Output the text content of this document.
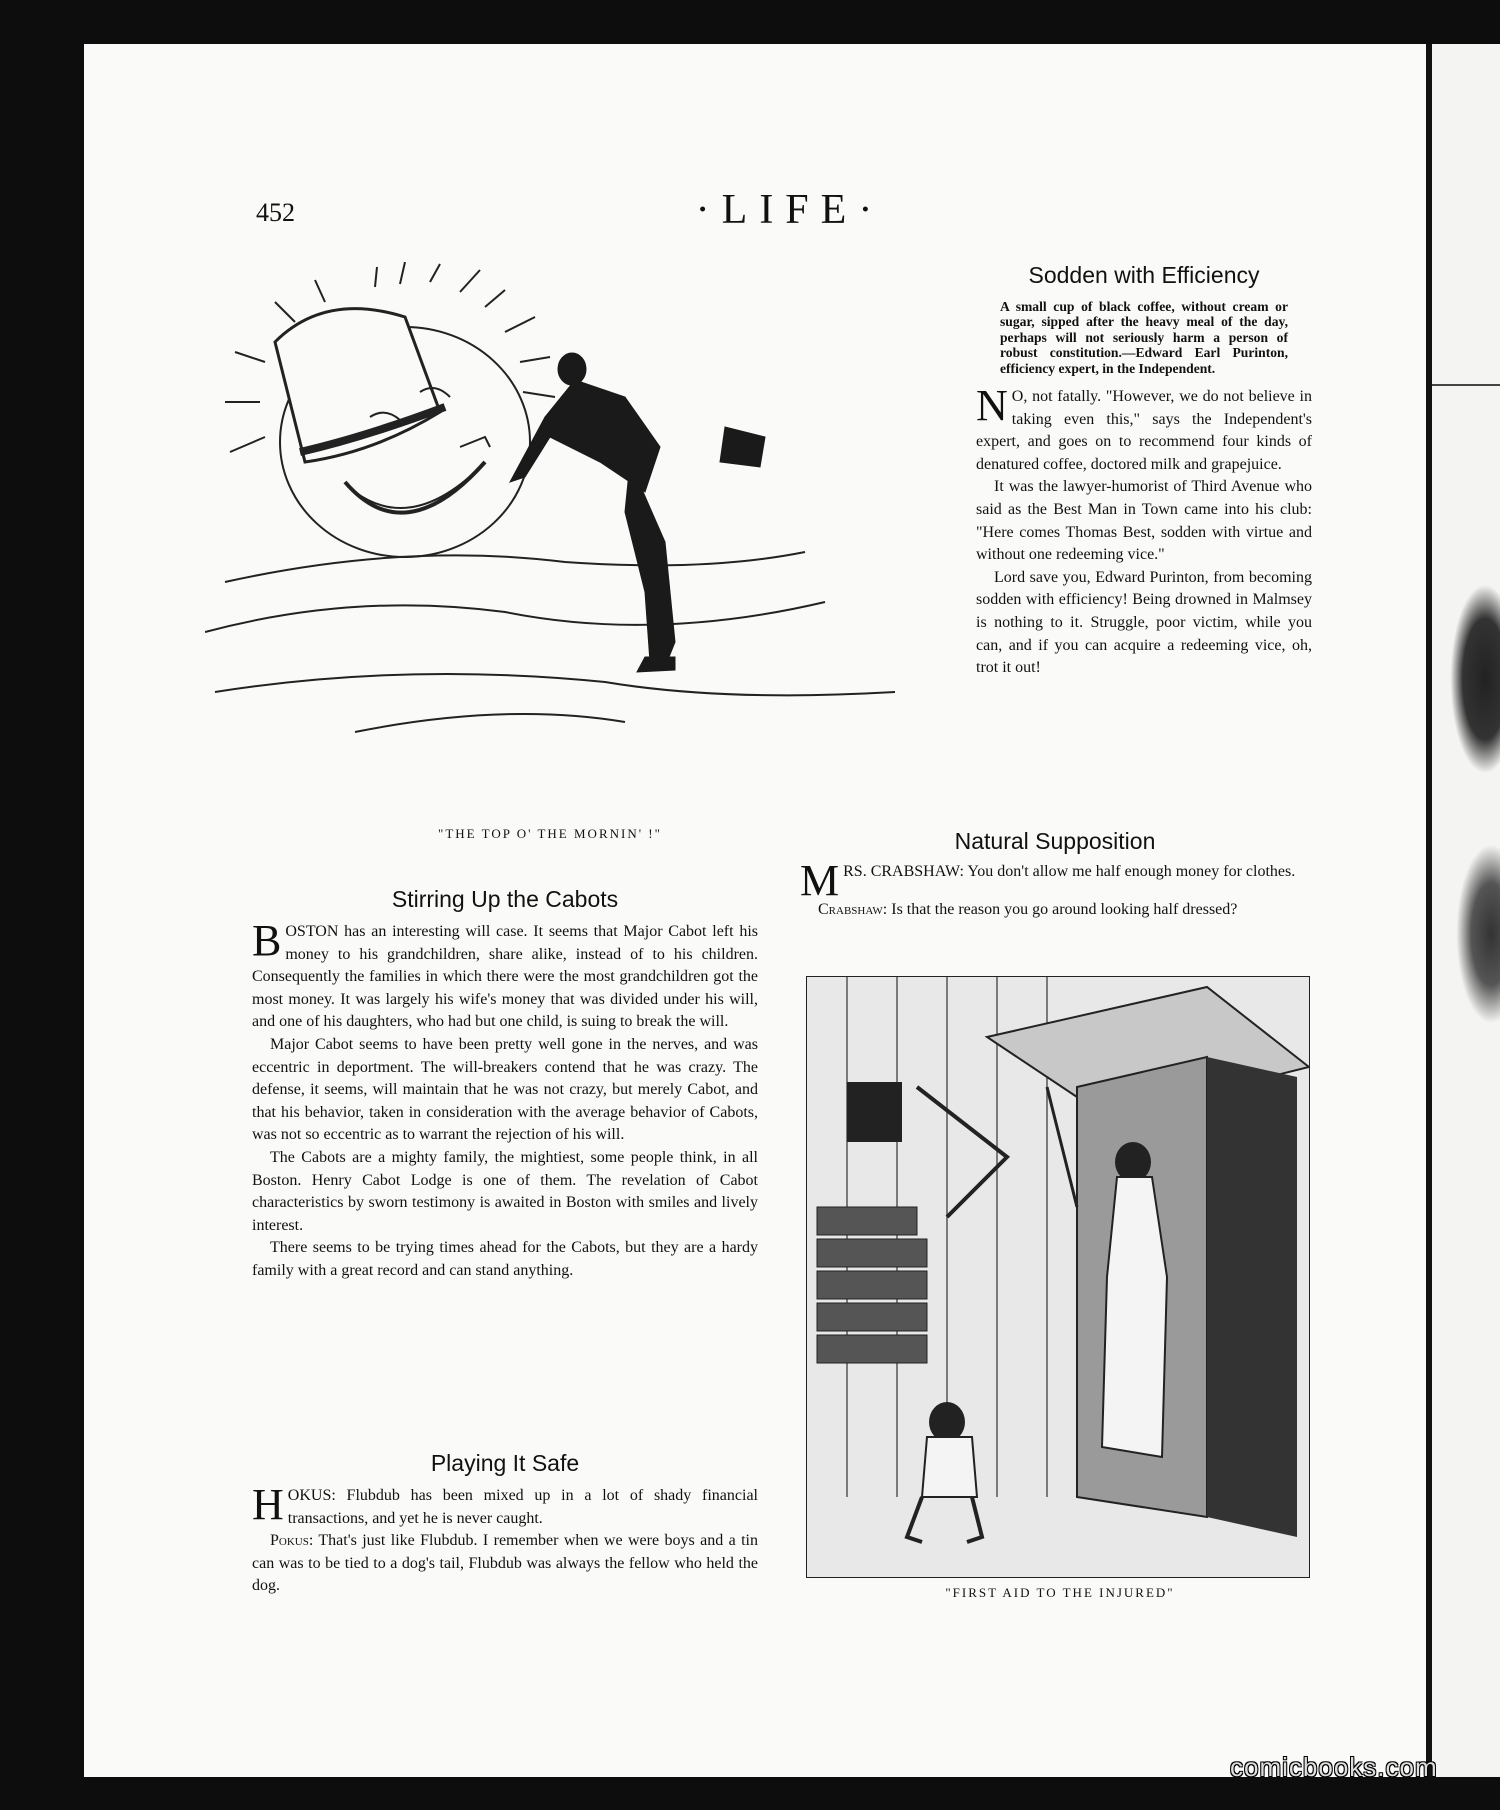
452	·LIFE·
"THE TOP O' THE MORNIN' !"
Sodden with Efficiency
A small cup of black coffee, without cream or sugar, sipped after the heavy meal of the day, perhaps will not seriously harm a person of robust constitution.—Edward Earl Purinton, efficiency expert, in the Independent.

N O, not fatally. "However, we do not believe in taking even this," says the Independent's expert, and goes on to recommend four kinds of denatured coffee, doctored milk and grapejuice.

It was the lawyer-humorist of Third Avenue who said as the Best Man in Town came into his club: "Here comes Thomas Best, sodden with virtue and without one redeeming vice."

Lord save you, Edward Purinton, from becoming sodden with efficiency! Being drowned in Malmsey is nothing to it. Struggle, poor victim, while you can, and if you can acquire a redeeming vice, oh, trot it out!

Natural Supposition

MRS. CRABSHAW: You don't allow me half enough money for clothes.

Crabshaw: Is that the reason you go around looking half dressed?

"FIRST AID TO THE INJURED"
Stirring Up the Cabots

BOSTON has an interesting will case. It seems that Major Cabot left his money to his grandchildren, share alike, instead of to his children. Consequently the families in which there were the most grandchildren got the most money. It was largely his wife's money that was divided under his will, and one of his daughters, who had but one child, is suing to break the will.

Major Cabot seems to have been pretty well gone in the nerves, and was eccentric in deportment. The will-breakers contend that he was crazy. The defense, it seems, will maintain that he was not crazy, but merely Cabot, and that his behavior, taken in consideration with the average behavior of Cabots, was not so eccentric as to warrant the rejection of his will.

The Cabots are a mighty family, the mightiest, some people think, in all Boston. Henry Cabot Lodge is one of them. The revelation of Cabot characteristics by sworn testimony is awaited in Boston with smiles and lively interest.

There seems to be trying times ahead for the Cabots, but they are a hardy family with a great record and can stand anything.

Playing It Safe

HOKUS: Flubdub has been mixed up in a lot of shady financial transactions, and yet he is never caught.

Pokus: That's just like Flubdub. I remember when we were boys and a tin can was to be tied to a dog's tail, Flubdub was always the fellow who held the dog.

comicbooks.com
